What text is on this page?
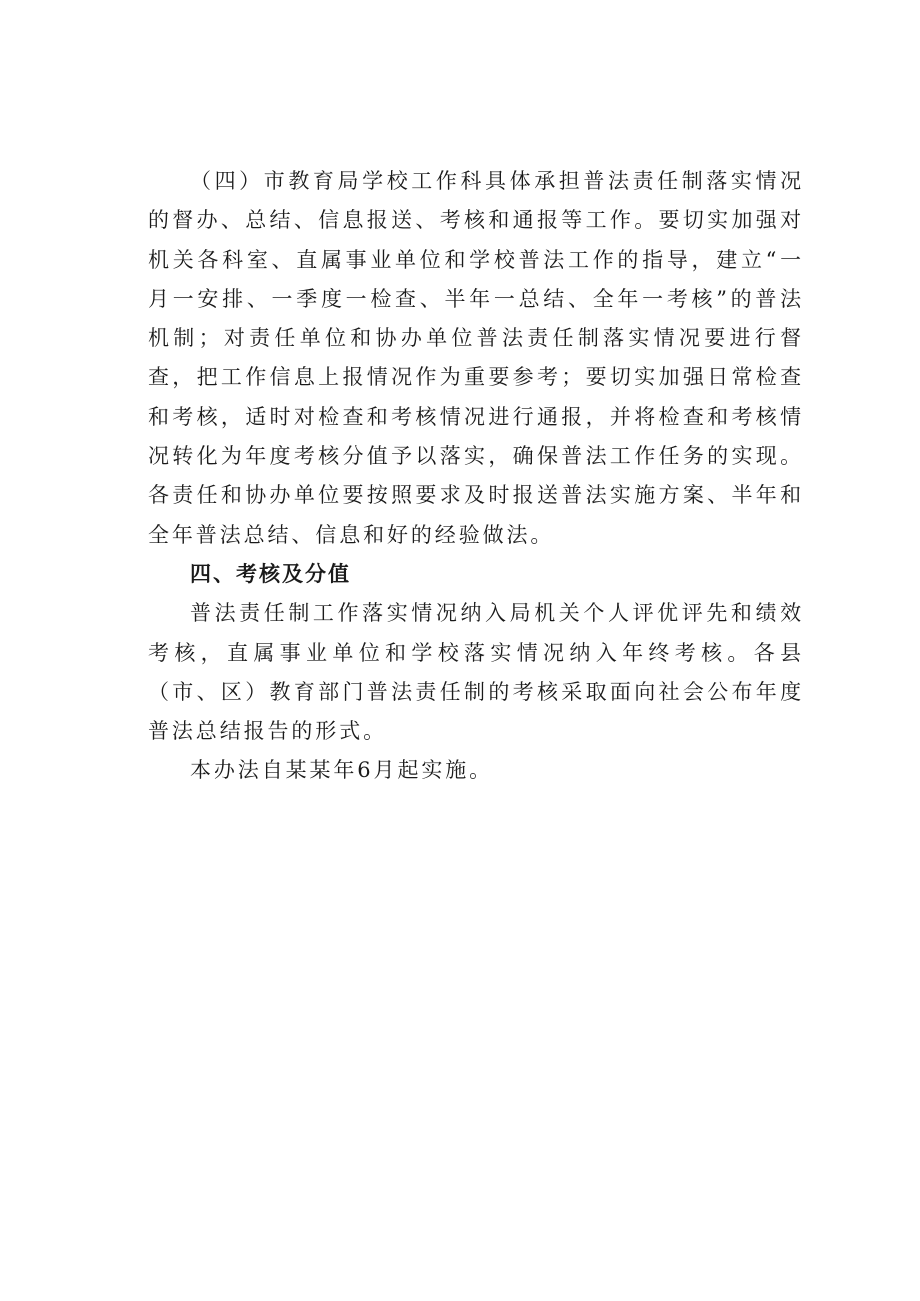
（四）市教育局学校工作科具体承担普法责任制落实情况的督办、总结、信息报送、考核和通报等工作。要切实加强对机关各科室、直属事业单位和学校普法工作的指导，建立“一月一安排、一季度一检查、半年一总结、全年一考核”的普法机制；对责任单位和协办单位普法责任制落实情况要进行督查，把工作信息上报情况作为重要参考；要切实加强日常检查和考核，适时对检查和考核情况进行通报，并将检查和考核情况转化为年度考核分值予以落实，确保普法工作任务的实现。各责任和协办单位要按照要求及时报送普法实施方案、半年和全年普法总结、信息和好的经验做法。

四、考核及分值

普法责任制工作落实情况纳入局机关个人评优评先和绩效考核，直属事业单位和学校落实情况纳入年终考核。各县（市、区）教育部门普法责任制的考核采取面向社会公布年度普法总结报告的形式。

本办法自某某年6月起实施。
